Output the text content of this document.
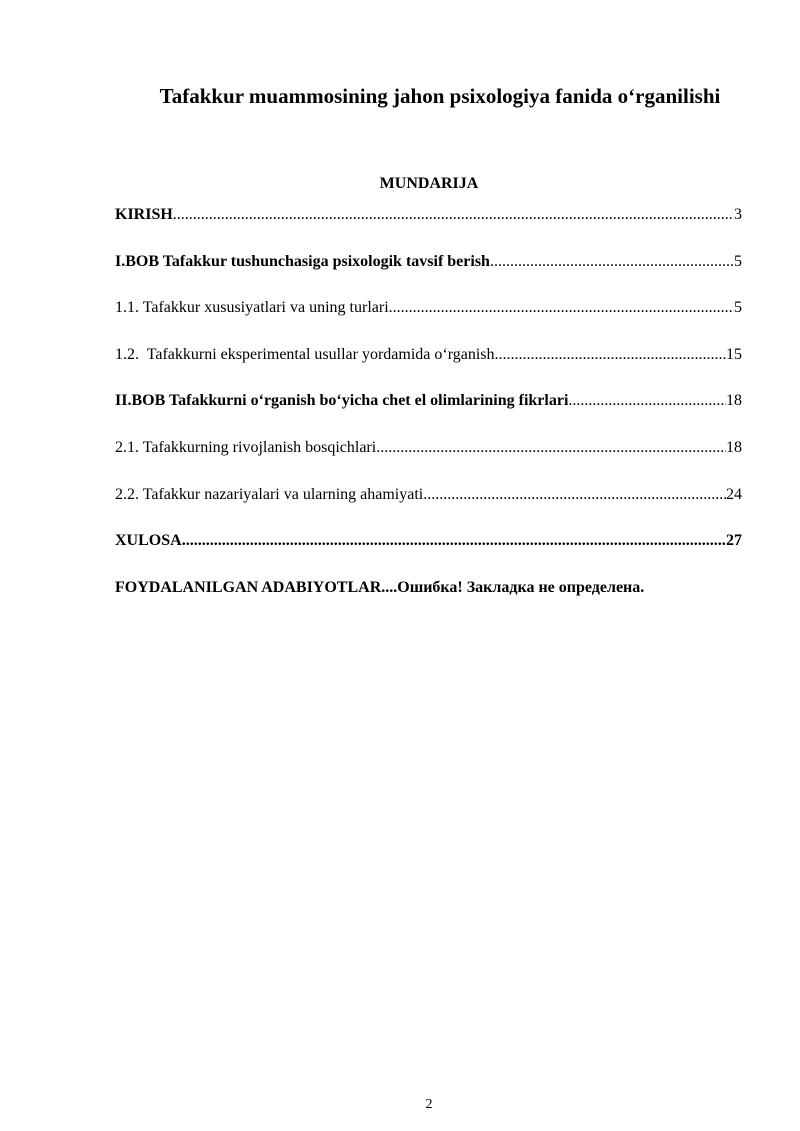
Tafakkur muammosining jahon psixologiya fanida o‘rganilishi
MUNDARIJA
KIRISH .....	3
I.BOB Tafakkur tushunchasiga psixologik tavsif berish .....	5
1.1. Tafakkur xususiyatlari va uning turlari .....	5
1.2.  Tafakkurni eksperimental usullar yordamida o‘rganish .....	15
II.BOB Tafakkurni o‘rganish bo‘yicha chet el olimlarining fikrlari .....	18
2.1. Tafakkurning rivojlanish bosqichlari .....	18
2.2. Tafakkur nazariyalari va ularning ahamiyati .....	24
XULOSA .....	27
FOYDALANILGAN ADABIYOTLAR .... Ошибка! Закладка не определена.
2
